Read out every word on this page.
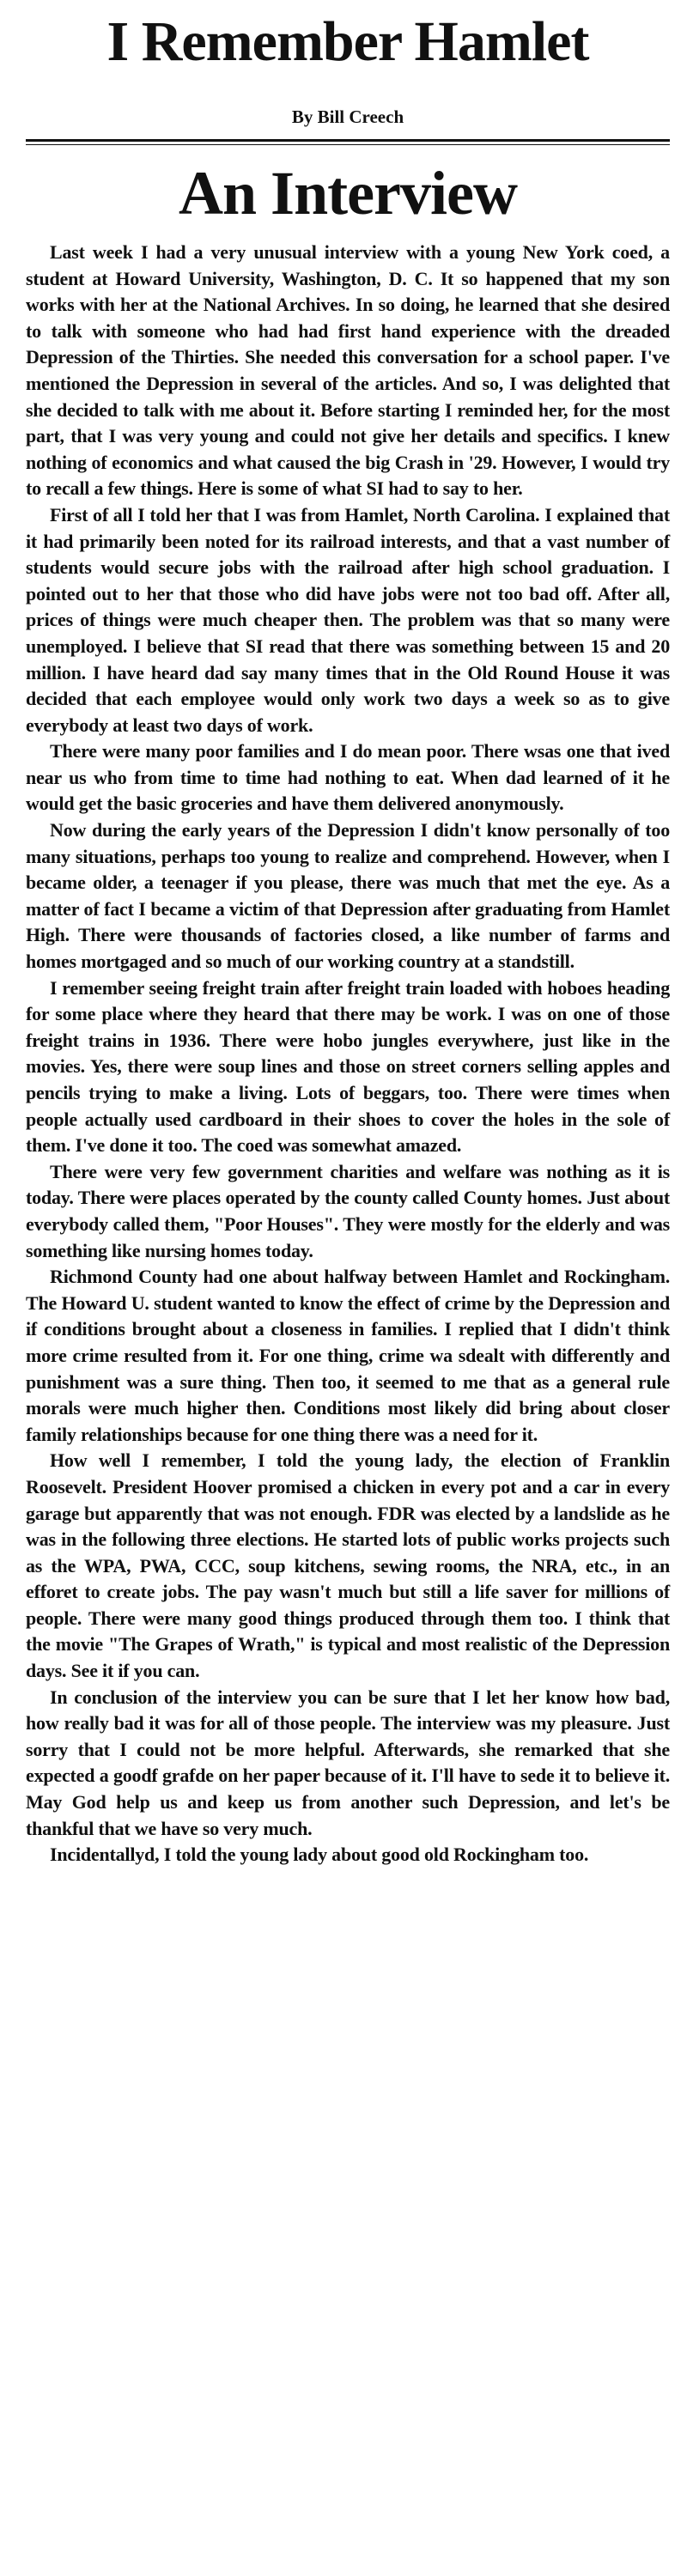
I Remember Hamlet
By Bill Creech
An Interview

Last week I had a very unusual interview with a young New York coed, a student at Howard University, Washington, D. C. It so happened that my son works with her at the National Archives. In so doing, he learned that she desired to talk with someone who had had first hand experience with the dreaded Depression of the Thirties. She needed this conversation for a school paper. I've mentioned the Depression in several of the articles. And so, I was delighted that she decided to talk with me about it. Before starting I reminded her, for the most part, that I was very young and could not give her details and specifics. I knew nothing of economics and what caused the big Crash in '29. However, I would try to recall a few things. Here is some of what SI had to say to her.

First of all I told her that I was from Hamlet, North Carolina. I explained that it had primarily been noted for its railroad interests, and that a vast number of students would secure jobs with the railroad after high school graduation. I pointed out to her that those who did have jobs were not too bad off. After all, prices of things were much cheaper then. The problem was that so many were unemployed. I believe that SI read that there was something between 15 and 20 million. I have heard dad say many times that in the Old Round House it was decided that each employee would only work two days a week so as to give everybody at least two days of work.

There were many poor families and I do mean poor. There wsas one that ived near us who from time to time had nothing to eat. When dad learned of it he would get the basic groceries and have them delivered anonymously.

Now during the early years of the Depression I didn't know personally of too many situations, perhaps too young to realize and comprehend. However, when I became older, a teenager if you please, there was much that met the eye. As a matter of fact I became a victim of that Depression after graduating from Hamlet High. There were thousands of factories closed, a like number of farms and homes mortgaged and so much of our working country at a standstill.

I remember seeing freight train after freight train loaded with hoboes heading for some place where they heard that there may be work. I was on one of those freight trains in 1936. There were hobo jungles everywhere, just like in the movies. Yes, there were soup lines and those on street corners selling apples and pencils trying to make a living. Lots of beggars, too. There were times when people actually used cardboard in their shoes to cover the holes in the sole of them. I've done it too. The coed was somewhat amazed.

There were very few government charities and welfare was nothing as it is today. There were places operated by the county called County homes. Just about everybody called them, "Poor Houses". They were mostly for the elderly and was something like nursing homes today.

Richmond County had one about halfway between Hamlet and Rockingham. The Howard U. student wanted to know the effect of crime by the Depression and if conditions brought about a closeness in families. I replied that I didn't think more crime resulted from it. For one thing, crime wa sdealt with differently and punishment was a sure thing. Then too, it seemed to me that as a general rule morals were much higher then. Conditions most likely did bring about closer family relationships because for one thing there was a need for it.

How well I remember, I told the young lady, the election of Franklin Roosevelt. President Hoover promised a chicken in every pot and a car in every garage but apparently that was not enough. FDR was elected by a landslide as he was in the following three elections. He started lots of public works projects such as the WPA, PWA, CCC, soup kitchens, sewing rooms, the NRA, etc., in an efforet to create jobs. The pay wasn't much but still a life saver for millions of people. There were many good things produced through them too. I think that the movie "The Grapes of Wrath," is typical and most realistic of the Depression days. See it if you can.

In conclusion of the interview you can be sure that I let her know how bad, how really bad it was for all of those people. The interview was my pleasure. Just sorry that I could not be more helpful. Afterwards, she remarked that she expected a goodf grafde on her paper because of it. I'll have to sede it to believe it. May God help us and keep us from another such Depression, and let's be thankful that we have so very much.

Incidentallyd, I told the young lady about good old Rockingham too.
